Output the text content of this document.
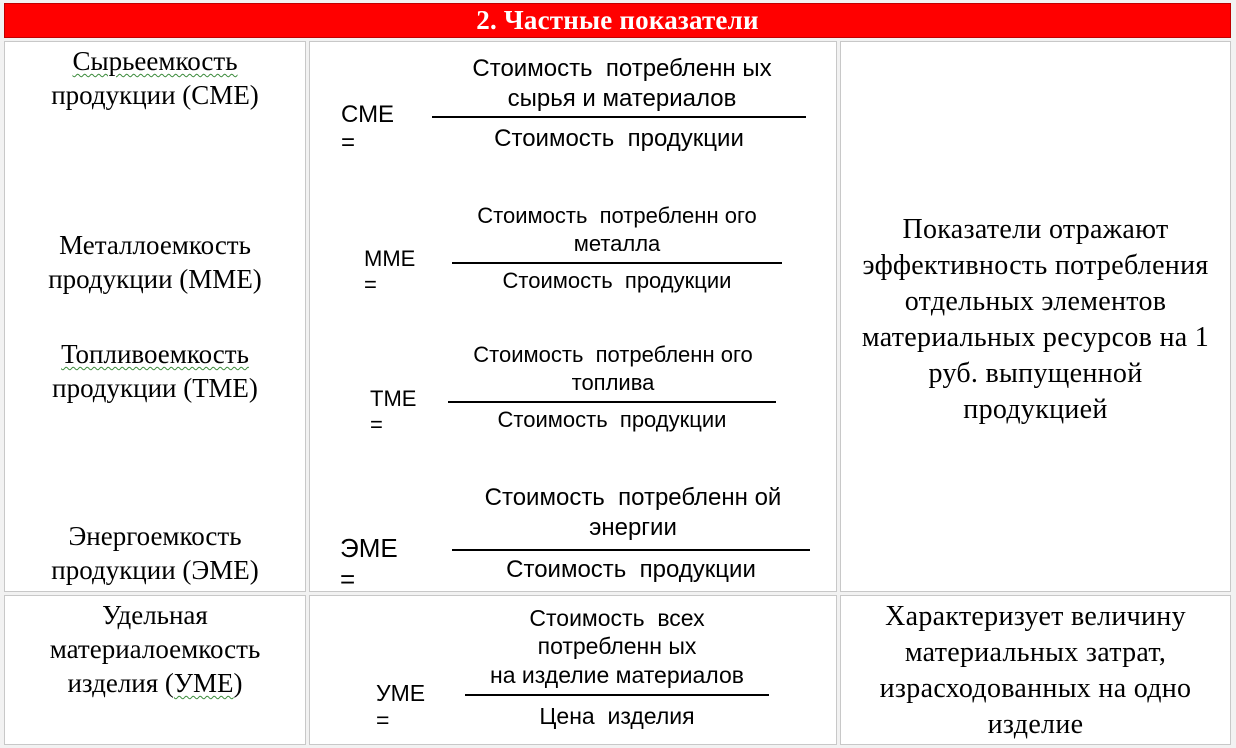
2. Частные показатели
Сырьеемкость
продукции (СМЕ)
Металлоемкость
продукции (ММЕ)
Топливоемкость
продукции (ТМЕ)
Энергоемкость
продукции (ЭМЕ)
СМЕ =
Стоимость  потребленн ых
сырья и материалов
Стоимость  продукции
ММЕ =
Стоимость  потребленн ого
металла
Стоимость  продукции
ТМЕ =
Стоимость  потребленн ого
топлива
Стоимость  продукции
ЭМЕ =
Стоимость  потребленн ой
энергии
Стоимость  продукции
Показатели отражают
эффективность потребления
отдельных элементов
материальных ресурсов на 1
руб. выпущенной
продукцией
Удельная
материалоемкость
изделия (УМЕ)	УМЕ =
Стоимость  всех
потребленн ых
на изделие материалов
Цена  изделия
Характеризует величину
материальных затрат,
израсходованных на одно
изделие
